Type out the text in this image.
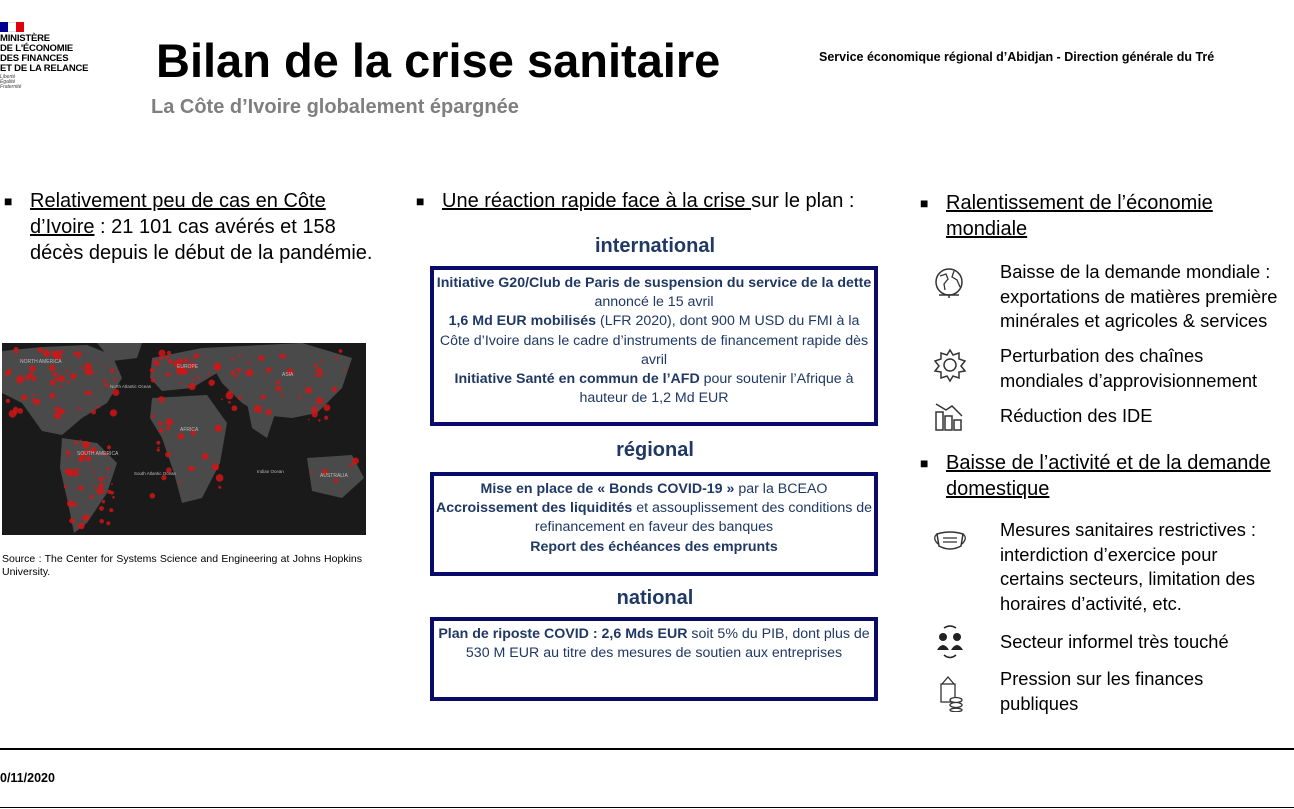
MINISTÈRE
DE L'ÉCONOMIE
DES FINANCES
ET DE LA RELANCE
Liberté
Égalité
Fraternité	Bilan de la crise sanitaire
La Côte d’Ivoire globalement épargnée
Service économique régional d’Abidjan - Direction générale du Tré
■ Relativement peu de cas en Côte d’Ivoire : 21 101 cas avérés et 158 décès depuis le début de la pandémie.
NORTH AMERICA
North Atlantic Ocean
EUROPE
ASIA
AFRICA
SOUTH AMERICA
South Atlantic Ocean	Indian Ocean
AUSTRALIA
Source : The Center for Systems Science and Engineering at Johns Hopkins University.
■ Une réaction rapide face à la crise sur le plan :
international
Initiative G20/Club de Paris de suspension du service de la dette annoncé le 15 avril
1,6 Md EUR mobilisés (LFR 2020), dont 900 M USD du FMI à la Côte d’Ivoire dans le cadre d’instruments de financement rapide dès avril
Initiative Santé en commun de l’AFD pour soutenir l’Afrique à hauteur de 1,2 Md EUR
régional
Mise en place de « Bonds COVID-19 » par la BCEAO
Accroissement des liquidités et assouplissement des conditions de refinancement en faveur des banques
Report des échéances des emprunts
national
Plan de riposte COVID : 2,6 Mds EUR soit 5% du PIB, dont plus de 530 M EUR au titre des mesures de soutien aux entreprises
■ Ralentissement de l’économie
mondiale
Baisse de la demande mondiale :
exportations de matières première
minérales et agricoles & services
Perturbation des chaînes
mondiales d’approvisionnement
Réduction des IDE
■ Baisse de l’activité et de la demande
domestique
Mesures sanitaires restrictives :
interdiction d’exercice pour
certains secteurs, limitation des
horaires d’activité, etc.
Secteur informel très touché
Pression sur les finances
publiques
0/11/2020
